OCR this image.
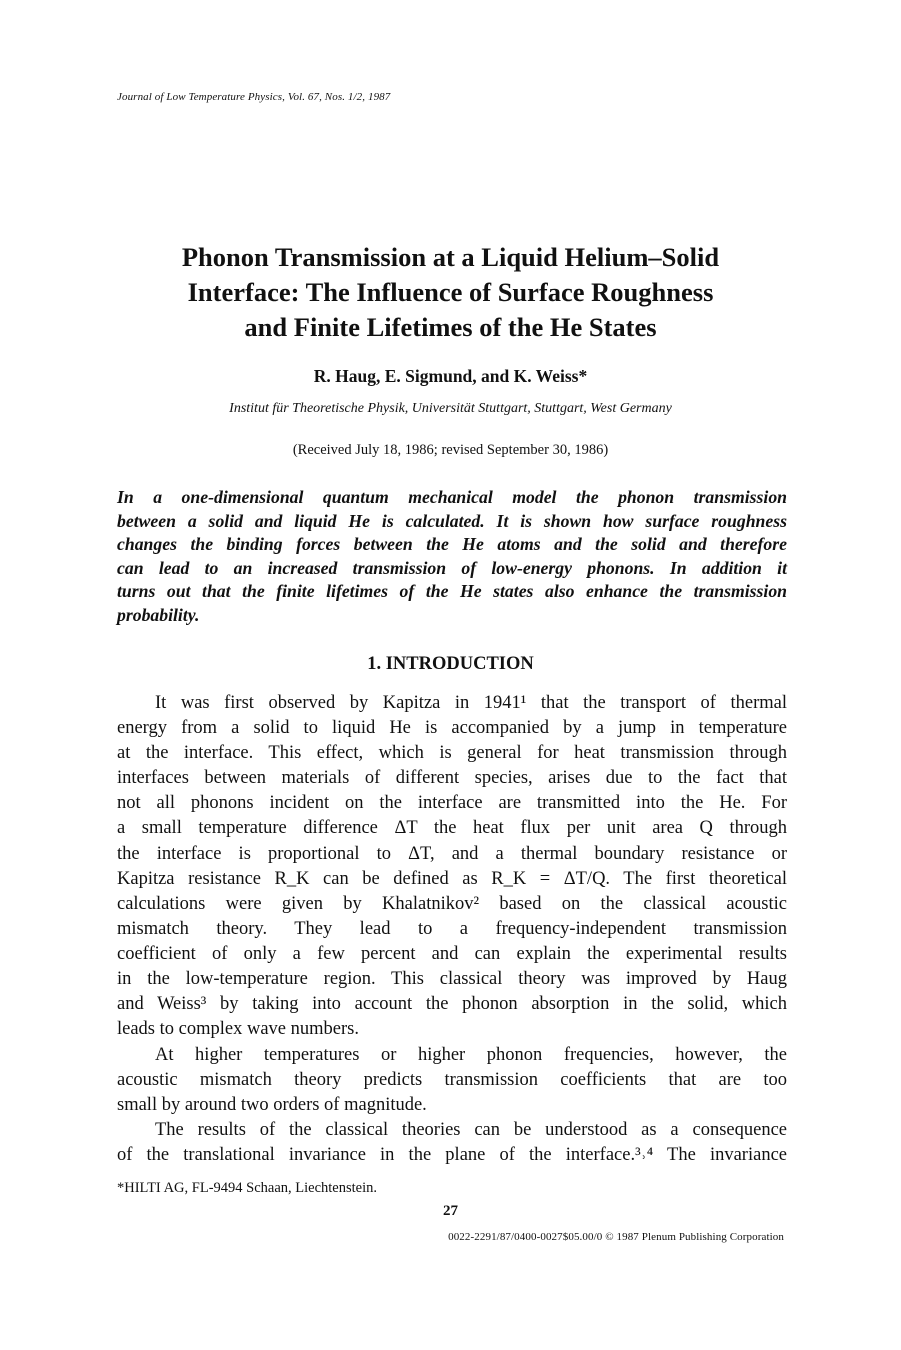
Journal of Low Temperature Physics, Vol. 67, Nos. 1/2, 1987
Phonon Transmission at a Liquid Helium–Solid
Interface: The Influence of Surface Roughness
and Finite Lifetimes of the He States
R. Haug, E. Sigmund, and K. Weiss*
Institut für Theoretische Physik, Universität Stuttgart, Stuttgart, West Germany
(Received July 18, 1986; revised September 30, 1986)

In a one-dimensional quantum mechanical model the phonon transmission
between a solid and liquid He is calculated. It is shown how surface roughness
changes the binding forces between the He atoms and the solid and therefore
can lead to an increased transmission of low-energy phonons. In addition it
turns out that the finite lifetimes of the He states also enhance the transmission
probability.

1. INTRODUCTION

It was first observed by Kapitza in 1941¹ that the transport of thermal
energy from a solid to liquid He is accompanied by a jump in temperature
at the interface. This effect, which is general for heat transmission through
interfaces between materials of different species, arises due to the fact that
not all phonons incident on the interface are transmitted into the He. For
a small temperature difference ΔT the heat flux per unit area Q through
the interface is proportional to ΔT, and a thermal boundary resistance or
Kapitza resistance R_K can be defined as R_K = ΔT/Q. The first theoretical
calculations were given by Khalatnikov² based on the classical acoustic
mismatch theory. They lead to a frequency-independent transmission
coefficient of only a few percent and can explain the experimental results
in the low-temperature region. This classical theory was improved by Haug
and Weiss³ by taking into account the phonon absorption in the solid, which
leads to complex wave numbers.

At higher temperatures or higher phonon frequencies, however, the
acoustic mismatch theory predicts transmission coefficients that are too
small by around two orders of magnitude.

The results of the classical theories can be understood as a consequence
of the translational invariance in the plane of the interface.³˒⁴ The invariance

*HILTI AG, FL-9494 Schaan, Liechtenstein.
27
0022-2291/87/0400-0027$05.00/0 © 1987 Plenum Publishing Corporation
